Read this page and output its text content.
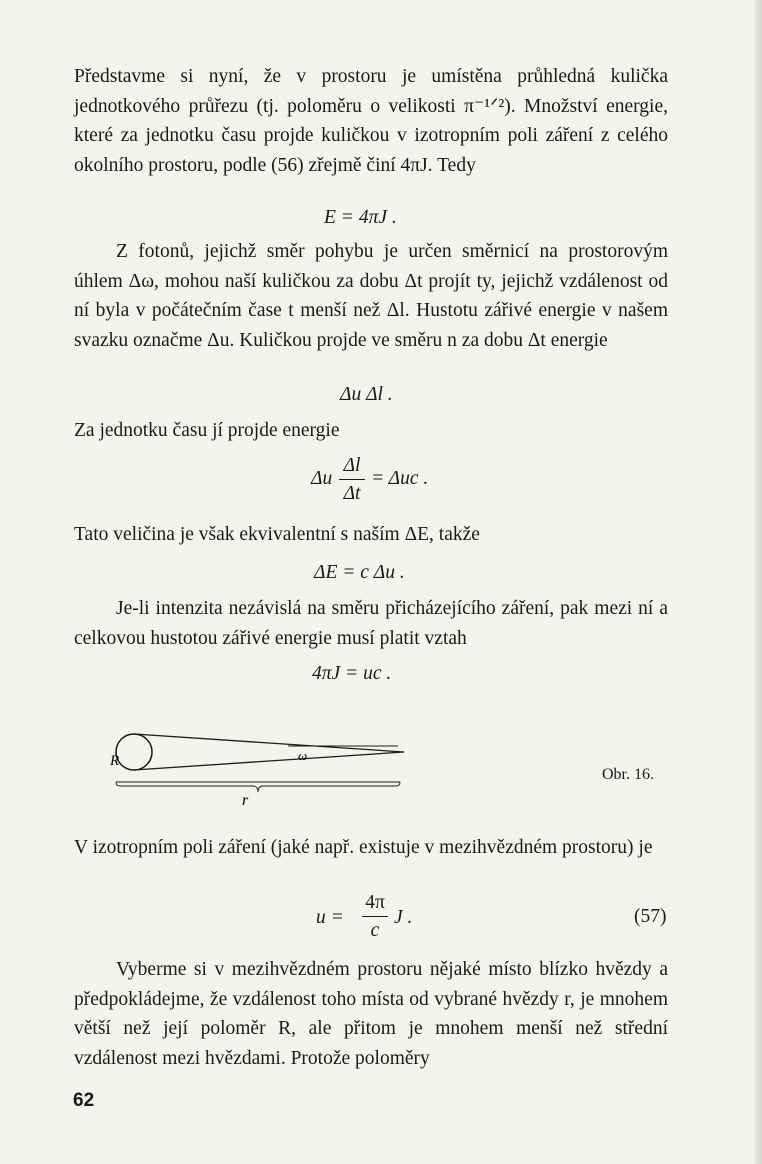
Představme si nyní, že v prostoru je umístěna průhledná kulička jednotkového průřezu (tj. poloměru o velikosti π⁻¹ᐟ²). Množství energie, které za jednotku času projde kuličkou v izotropním poli záření z celého okolního prostoru, podle (56) zřejmě činí 4πJ. Tedy

E = 4πJ .

Z fotonů, jejichž směr pohybu je určen směrnicí na prostorovým úhlem Δω, mohou naší kuličkou za dobu Δt projít ty, jejichž vzdálenost od ní byla v počátečním čase t menší než Δl. Hustotu zářivé energie v našem svazku označme Δu. Kuličkou projde ve směru n za dobu Δt energie

Δu Δl .

Za jednotku času jí projde energie

Δu
Δl
Δt
= Δuc .

Tato veličina je však ekvivalentní s naším ΔE, takže

ΔE = c Δu .

Je-li intenzita nezávislá na směru přicházejícího záření, pak mezi ní a celkovou hustotou zářivé energie musí platit vztah

4πJ = uc .
R	ω
r
Obr. 16.

V izotropním poli záření (jaké např. existuje v mezihvězdném prostoru) je

u =
4π
c
J .	(57)

Vyberme si v mezihvězdném prostoru nějaké místo blízko hvězdy a předpokládejme, že vzdálenost toho místa od vybrané hvězdy r, je mnohem větší než její poloměr R, ale přitom je mnohem menší než střední vzdálenost mezi hvězdami. Protože poloměry

62
